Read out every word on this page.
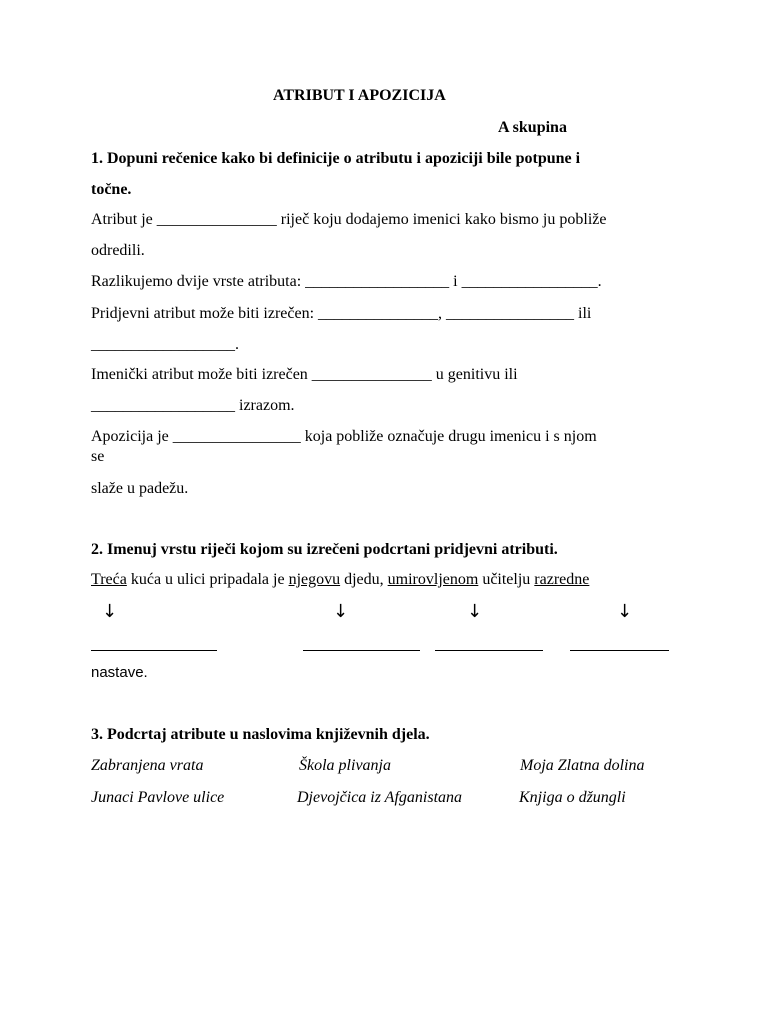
ATRIBUT I APOZICIJA
A skupina
1. Dopuni rečenice kako bi definicije o atributu i apoziciji bile potpune i
točne.
Atribut je _______________ riječ koju dodajemo imenici kako bismo ju pobliže
odredili.
Razlikujemo dvije vrste atributa: __________________ i _________________.
Pridjevni atribut može biti izrečen: _______________, ________________ ili
__________________.
Imenički atribut može biti izrečen _______________ u genitivu ili
__________________ izrazom.
Apozicija je ________________ koja pobliže označuje drugu imenicu i s njom
se
slaže u padežu.
2. Imenuj vrstu riječi kojom su izrečeni podcrtani pridjevni atributi.
Treća kuća u ulici pripadala je njegovu djedu, umirovljenom učitelju razredne
↓	↓	↓	↓
nastave.
3. Podcrtaj atribute u naslovima književnih djela.
Zabranjena vrata	Škola plivanja	Moja Zlatna dolina
Junaci Pavlove ulice	Djevojčica iz Afganistana	Knjiga o džungli
